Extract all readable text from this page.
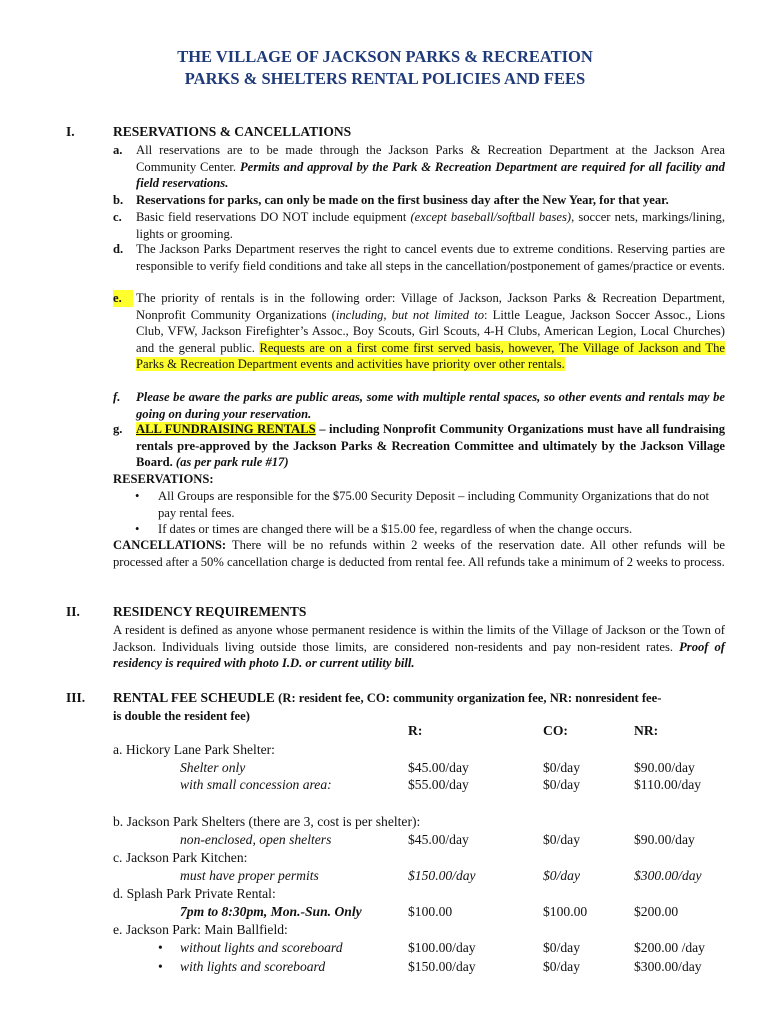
THE VILLAGE OF JACKSON PARKS & RECREATION
PARKS & SHELTERS RENTAL POLICIES AND FEES
I.	RESERVATIONS & CANCELLATIONS
a.	All reservations are to be made through the Jackson Parks & Recreation Department at the Jackson Area Community Center. Permits and approval by the Park & Recreation Department are required for all facility and field reservations.
b.	Reservations for parks, can only be made on the first business day after the New Year, for that year.
c.	Basic field reservations DO NOT include equipment (except baseball/softball bases), soccer nets, markings/lining, lights or grooming.
d.	The Jackson Parks Department reserves the right to cancel events due to extreme conditions. Reserving parties are responsible to verify field conditions and take all steps in the cancellation/postponement of games/practice or events.
e.	The priority of rentals is in the following order: Village of Jackson, Jackson Parks & Recreation Department, Nonprofit Community Organizations (including, but not limited to: Little League, Jackson Soccer Assoc., Lions Club, VFW, Jackson Firefighter’s Assoc., Boy Scouts, Girl Scouts, 4-H Clubs, American Legion, Local Churches) and the general public. Requests are on a first come first served basis, however, The Village of Jackson and The Parks & Recreation Department events and activities have priority over other rentals.
f.	Please be aware the parks are public areas, some with multiple rental spaces, so other events and rentals may be going on during your reservation.
g.	ALL FUNDRAISING RENTALS – including Nonprofit Community Organizations must have all fundraising rentals pre-approved by the Jackson Parks & Recreation Committee and ultimately by the Jackson Village Board. (as per park rule #17)
RESERVATIONS:
• All Groups are responsible for the $75.00 Security Deposit – including Community Organizations that do not pay rental fees.
• If dates or times are changed there will be a $15.00 fee, regardless of when the change occurs.
CANCELLATIONS: There will be no refunds within 2 weeks of the reservation date. All other refunds will be processed after a 50% cancellation charge is deducted from rental fee. All refunds take a minimum of 2 weeks to process.
II. RESIDENCY REQUIREMENTS
A resident is defined as anyone whose permanent residence is within the limits of the Village of Jackson or the Town of Jackson. Individuals living outside those limits, are considered non-residents and pay non-resident rates. Proof of residency is required with photo I.D. or current utility bill.
III. RENTAL FEE SCHEUDLE (R: resident fee, CO: community organization fee, NR: nonresident fee-
is double the resident fee)
R:	CO:	NR:
a. Hickory Lane Park Shelter:
Shelter only	$45.00/day	$0/day	$90.00/day
with small concession area:	$55.00/day	$0/day	$110.00/day
b. Jackson Park Shelters (there are 3, cost is per shelter):
non-enclosed, open shelters	$45.00/day	$0/day	$90.00/day
c. Jackson Park Kitchen:
must have proper permits	$150.00/day	$0/day	$300.00/day
d. Splash Park Private Rental:
7pm to 8:30pm, Mon.-Sun. Only	$100.00	$100.00	$200.00
e. Jackson Park: Main Ballfield:
• without lights and scoreboard	$100.00/day	$0/day	$200.00 /day
• with lights and scoreboard	$150.00/day	$0/day	$300.00/day
